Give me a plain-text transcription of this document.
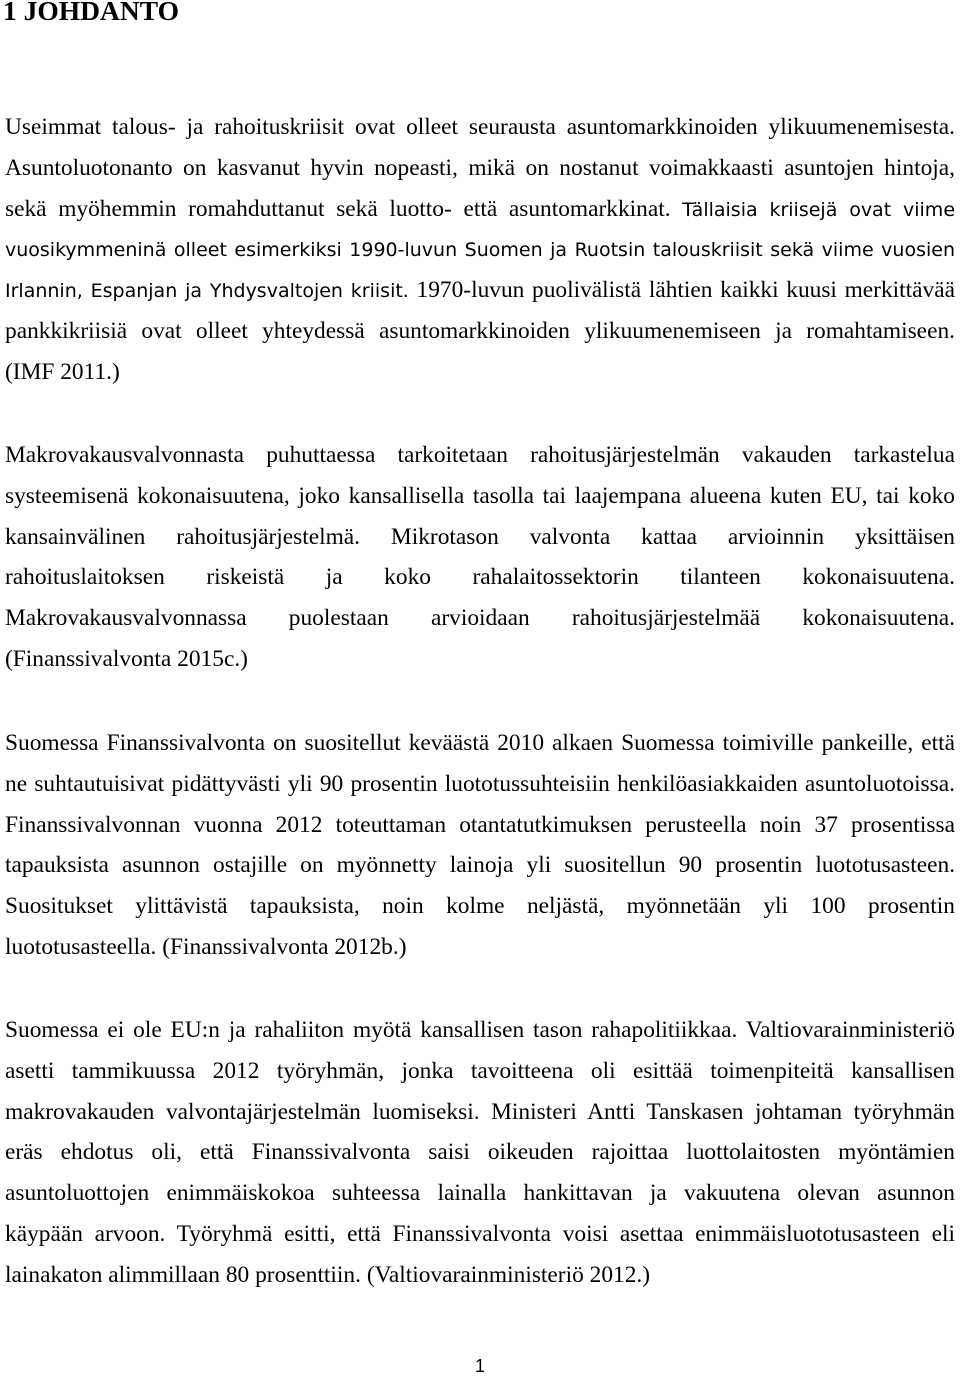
1 JOHDANTO
Useimmat talous- ja rahoituskriisit ovat olleet seurausta asuntomarkkinoiden ylikuumenemisesta.
Asuntoluotonanto on kasvanut hyvin nopeasti, mikä on nostanut voimakkaasti asuntojen hintoja,
sekä myöhemmin romahduttanut sekä luotto- että asuntomarkkinat. Tällaisia kriisejä ovat viime
vuosikymmeninä olleet esimerkiksi 1990-luvun Suomen ja Ruotsin talouskriisit sekä viime vuosien
Irlannin, Espanjan ja Yhdysvaltojen kriisit. 1970-luvun puolivälistä lähtien kaikki kuusi merkittävää
pankkikriisiä ovat olleet yhteydessä asuntomarkkinoiden ylikuumenemiseen ja romahtamiseen.
(IMF 2011.)
Makrovakausvalvonnasta puhuttaessa tarkoitetaan rahoitusjärjestelmän vakauden tarkastelua
systeemisenä kokonaisuutena, joko kansallisella tasolla tai laajempana alueena kuten EU, tai koko
kansainvälinen rahoitusjärjestelmä. Mikrotason valvonta kattaa arvioinnin yksittäisen
rahoituslaitoksen riskeistä ja koko rahalaitossektorin tilanteen kokonaisuutena.
Makrovakausvalvonnassa puolestaan arvioidaan rahoitusjärjestelmää kokonaisuutena.
(Finanssivalvonta 2015c.)
Suomessa Finanssivalvonta on suositellut keväästä 2010 alkaen Suomessa toimiville pankeille, että
ne suhtautuisivat pidättyvästi yli 90 prosentin luototussuhteisiin henkilöasiakkaiden asuntoluotoissa.
Finanssivalvonnan vuonna 2012 toteuttaman otantatutkimuksen perusteella noin 37 prosentissa
tapauksista asunnon ostajille on myönnetty lainoja yli suositellun 90 prosentin luototusasteen.
Suositukset ylittävistä tapauksista, noin kolme neljästä, myönnetään yli 100 prosentin
luototusasteella. (Finanssivalvonta 2012b.)
Suomessa ei ole EU:n ja rahaliiton myötä kansallisen tason rahapolitiikkaa. Valtiovarainministeriö
asetti tammikuussa 2012 työryhmän, jonka tavoitteena oli esittää toimenpiteitä kansallisen
makrovakauden valvontajärjestelmän luomiseksi. Ministeri Antti Tanskasen johtaman työryhmän
eräs ehdotus oli, että Finanssivalvonta saisi oikeuden rajoittaa luottolaitosten myöntämien
asuntoluottojen enimmäiskokoa suhteessa lainalla hankittavan ja vakuutena olevan asunnon
käypään arvoon. Työryhmä esitti, että Finanssivalvonta voisi asettaa enimmäisluototusasteen eli
lainakaton alimmillaan 80 prosenttiin. (Valtiovarainministeriö 2012.)
1
